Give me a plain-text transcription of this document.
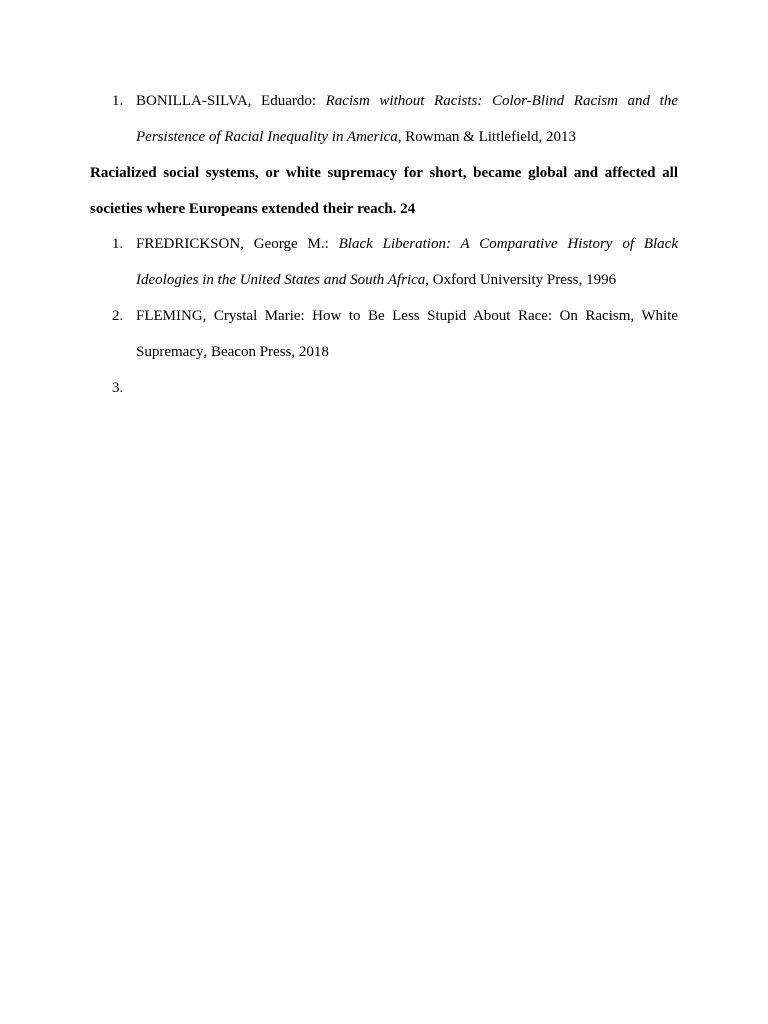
1. BONILLA-SILVA, Eduardo: Racism without Racists: Color-Blind Racism and the Persistence of Racial Inequality in America, Rowman & Littlefield, 2013
Racialized social systems, or white supremacy for short, became global and affected all societies where Europeans extended their reach. 24
1. FREDRICKSON, George M.: Black Liberation: A Comparative History of Black Ideologies in the United States and South Africa, Oxford University Press, 1996
2. FLEMING, Crystal Marie: How to Be Less Stupid About Race: On Racism, White Supremacy, Beacon Press, 2018
3.
